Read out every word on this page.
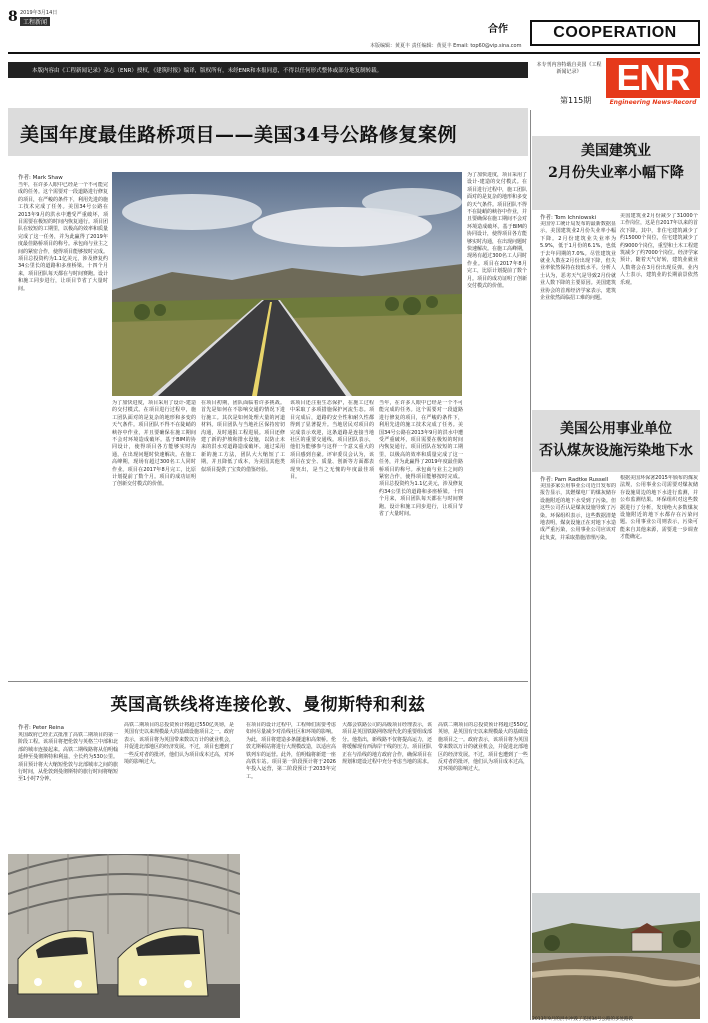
8 2019年3月14日
工程新闻
合作	COOPERATION
本版编辑：黄夏丰 责任编辑：黄夏丰 Email: top60@vip.sina.com
本版内容由《工程新闻记录》杂志（ENR）授权，《建筑时报》编译，版权所有，未经ENR和本报同意，不得以任何形式整体或部分地复制转载。
本专刊内容特载自美国《工程新闻记录》
第115期
ENR
Engineering News-Record
美国年度最佳路桥项目——美国34号公路修复案例
作者: Mark Shaw
当年，在许多人眼中已经是一个不可能完成的任务。这个需要对一段道路进行修复的项目，在严峻的条件下，利用先进的施工技术完成了任务。美国34号公路在2013年9月的洪水中遭受严重破坏，项目需要在极短的时间内恢复通行。项目团队在较短的工期里，以极高的效率和质量完成了这一任务，并为此赢得了2019年度最佳路桥项目的称号。承包商与业主之间的紧密合作，使得项目能够按时完成。项目总投资约为1.1亿美元，涉及修复约34公里长的道路和多座桥梁。十四个月来，项目团队每天都在与时间赛跑。设计和施工同步进行，让项目节省了大量时间。
为了加快进度，项目采用了设计-建造的交付模式。在项目进行过程中，施工团队面对的是复杂的地形和多变的天气条件。项目团队不得不在陡峭的峡谷中作业，并且要确保在施工期间不会对环境造成破坏。基于BIM的协同设计，使得项目各方能够实时沟通，在出现问题时快速解决。在施工高峰期，现场有超过300名工人同时作业。项目在2017年8月完工，比原计划提前了数个月。项目的成功证明了创新交付模式的价值。
在项目初期，团队面临着许多挑战。首先是如何在不影响交通的情况下进行施工。其次是如何处理大量的河道材料。项目团队与当地社区保持密切沟通，及时通报工程进展。项目还修建了新的护坡和排水设施，以防止未来的洪水对道路造成破坏。通过采用新的施工方法，团队大大缩短了工期，并且降低了成本，为美国其他类似项目提供了宝贵的借鉴经验。
该项目还注重生态保护，在施工过程中采取了多项措施保护河流生态。项目完成后，道路的安全性和耐久性都得到了显著提升。当地居民对项目的完成表示欢迎，这条道路是连接当地社区的重要交通线。项目团队表示，他们为能够参与这样一个意义重大的项目感到自豪。评审委员会认为，该项目在安全、质量、创新等方面都表现突出，是当之无愧的年度最佳项目。
当年，在许多人眼中已经是一个不可能完成的任务。这个需要对一段道路进行修复的项目，在严峻的条件下，利用先进的施工技术完成了任务。美国34号公路在2013年9月的洪水中遭受严重破坏，项目需要在极短的时间内恢复通行。项目团队在较短的工期里，以极高的效率和质量完成了这一任务，并为此赢得了2019年度最佳路桥项目的称号。承包商与业主之间的紧密合作，使得项目能够按时完成。项目总投资约为1.1亿美元，涉及修复约34公里长的道路和多座桥梁。十四个月来，项目团队每天都在与时间赛跑。设计和施工同步进行，让项目节省了大量时间。
为了加快进度，项目采用了设计-建造的交付模式。在项目进行过程中，施工团队面对的是复杂的地形和多变的天气条件。项目团队不得不在陡峭的峡谷中作业，并且要确保在施工期间不会对环境造成破坏。基于BIM的协同设计，使得项目各方能够实时沟通，在出现问题时快速解决。在施工高峰期，现场有超过300名工人同时作业。项目在2017年8月完工，比原计划提前了数个月。项目的成功证明了创新交付模式的价值。
英国高铁线将连接伦敦、曼彻斯特和利兹
作者: Peter Reina
英国政府已经正式批准了高铁二期项目的第一阶段工程。该项目将把伦敦与英格兰中部和北部的城市连接起来。高铁二期线路将从伯明翰延伸至曼彻斯特和利兹，全长约为530公里。项目预计将大大缩短伦敦与北部城市之间的旅行时间，从伦敦到曼彻斯特的旅行时间将缩短至1小时7分钟。
高铁二期项目的总投资预计将超过550亿英镑，是英国有史以来规模最大的基础设施项目之一。政府表示，该项目将为英国带来数以万计的就业机会，并促进北部地区的经济发展。不过，项目也遭到了一些反对者的批评，他们认为项目成本过高，对环境的影响过大。
在项目的设计过程中，工程师们需要考虑如何尽量减少对沿线社区和环境的影响。为此，项目将建造多条隧道和高架桥。伦敦尤斯顿站将进行大规模改造，以适应高铁列车的运营。此外，伯明翰将新建一座高铁车站。项目第一阶段预计将于2026年投入运营，第二阶段预计于2033年完工。
大都会铁路公司的高级项目经理表示，该项目是英国铁路网络现代化的重要组成部分。他指出，新线路不仅将提高运力，还将缓解现有西海岸干线的压力。项目团队正在与沿线的地方政府合作，确保项目在规划和建设过程中充分考虑当地的需求。
高铁二期项目的总投资预计将超过550亿英镑，是英国有史以来规模最大的基础设施项目之一。政府表示，该项目将为英国带来数以万计的就业机会，并促进北部地区的经济发展。不过，项目也遭到了一些反对者的批评，他们认为项目成本过高，对环境的影响过大。
美国建筑业
2月份失业率小幅下降
作者: Tom Ichniowski
美国劳工统计局发布的最新数据显示，美国建筑业2月份失业率小幅下降。2月份建筑业失业率为5.9%，低于1月份的6.1%，也低于去年同期的7.0%。尽管建筑业就业人数在2月份出现下降，但失业率依然保持在较低水平。分析人士认为，恶劣天气是导致2月份就业人数下降的主要原因。美国建筑业协会的首席经济学家表示，建筑企业依然面临招工难的问题。
美国建筑业2月份减少了31000个工作岗位，这是自2017年以来的首次下降。其中，非住宅建筑减少了约15000个岗位，住宅建筑减少了约9000个岗位，重型和土木工程建筑减少了约7000个岗位。经济学家预计，随着天气好转，建筑业就业人数将会在3月份出现反弹。业内人士表示，建筑业的长期前景依然乐观。
美国公用事业单位
否认煤灰设施污染地下水
作者: Pam Radtke Russell
美国多家公用事业公司近日发布的报告显示，其燃煤电厂的煤灰储存设施附近的地下水受到了污染。但这些公司否认是煤灰设施导致了污染。环保组织表示，这些数据清楚地表明，煤灰设施正在对地下水造成严重污染，公用事业公司应该对此负责，并采取措施清理污染。
根据美国环保署2015年颁布的煤灰法规，公用事业公司需要对煤灰储存设施周边的地下水进行监测，并公布监测结果。环保组织对这些数据进行了分析，发现绝大多数煤灰设施附近的地下水都存在污染问题。公用事业公司则表示，污染可能来自其他来源，需要进一步调查才能确定。
2013年9月的洪水冲毁了美国34号公路的多处路段
